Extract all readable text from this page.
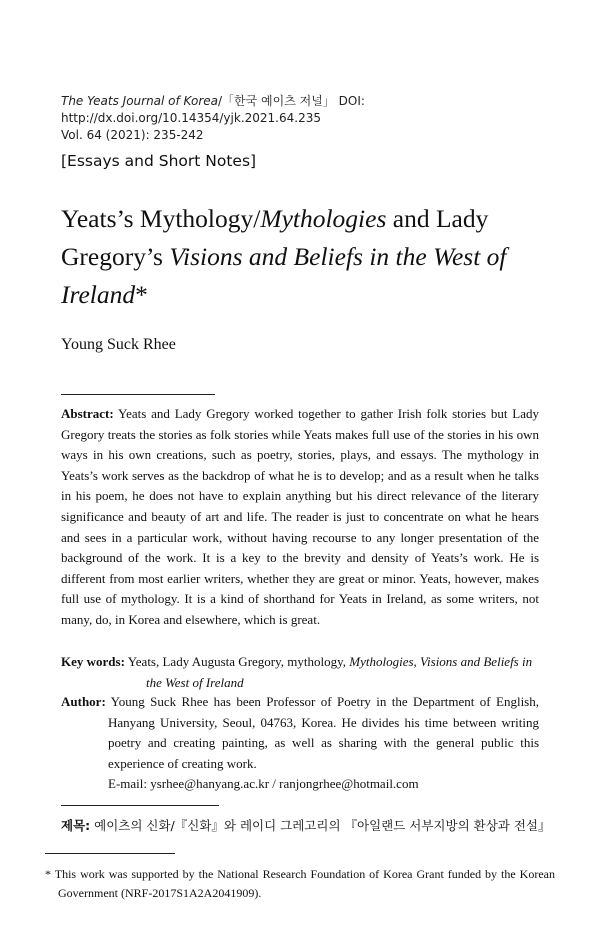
The Yeats Journal of Korea/「한국 예이츠 저널」 DOI: http://dx.doi.org/10.14354/yjk.2021.64.235
Vol. 64 (2021): 235-242
[Essays and Short Notes]
Yeats’s Mythology/Mythologies and Lady Gregory’s Visions and Beliefs in the West of Ireland*
Young Suck Rhee

Abstract: Yeats and Lady Gregory worked together to gather Irish folk stories but Lady Gregory treats the stories as folk stories while Yeats makes full use of the stories in his own ways in his own creations, such as poetry, stories, plays, and essays. The mythology in Yeats’s work serves as the backdrop of what he is to develop; and as a result when he talks in his poem, he does not have to explain anything but his direct relevance of the literary significance and beauty of art and life. The reader is just to concentrate on what he hears and sees in a particular work, without having recourse to any longer presentation of the background of the work. It is a key to the brevity and density of Yeats’s work. He is different from most earlier writers, whether they are great or minor. Yeats, however, makes full use of mythology. It is a kind of shorthand for Yeats in Ireland, as some writers, not many, do, in Korea and elsewhere, which is great.

Key words: Yeats, Lady Augusta Gregory, mythology, Mythologies, Visions and Beliefs in the West of Ireland

Author: Young Suck Rhee has been Professor of Poetry in the Department of English, Hanyang University, Seoul, 04763, Korea. He divides his time between writing poetry and creating painting, as well as sharing with the general public this experience of creating work.
E-mail: ysrhee@hanyang.ac.kr / ranjongrhee@hotmail.com

제목: 예이츠의 신화/『신화』와 레이디 그레고리의 『아일랜드 서부지방의 환상과 전설』

* This work was supported by the National Research Foundation of Korea Grant funded by the Korean Government (NRF-2017S1A2A2041909).
